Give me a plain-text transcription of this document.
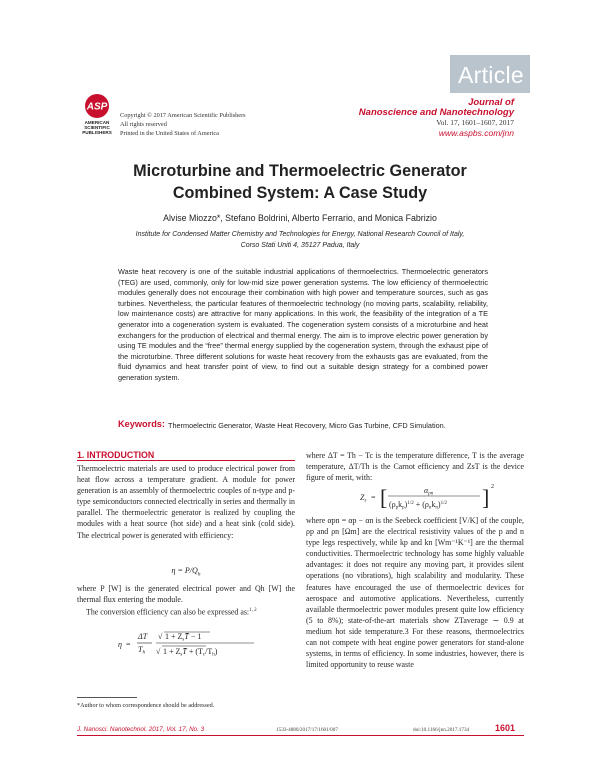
Article
ASP
AMERICAN
SCIENTIFIC
PUBLISHERS
Copyright © 2017 American Scientific Publishers
All rights reserved
Printed in the United States of America
Journal of
Nanoscience and Nanotechnology
Vol. 17, 1601–1607, 2017
www.aspbs.com/jnn
Microturbine and Thermoelectric Generator
Combined System: A Case Study
Alvise Miozzo*, Stefano Boldrini, Alberto Ferrario, and Monica Fabrizio
Institute for Condensed Matter Chemistry and Technologies for Energy, National Research Council of Italy,
Corso Stati Uniti 4, 35127 Padua, Italy
Waste heat recovery is one of the suitable industrial applications of thermoelectrics. Thermoelectric generators (TEG) are used, commonly, only for low-mid size power generation systems. The low efficiency of thermoelectric modules generally does not encourage their combination with high power and temperature sources, such as gas turbines. Nevertheless, the particular features of thermoelectric technology (no moving parts, scalability, reliability, low maintenance costs) are attractive for many applications. In this work, the feasibility of the integration of a TE generator into a cogeneration system is evaluated. The cogeneration system consists of a microturbine and heat exchangers for the production of electrical and thermal energy. The aim is to improve electric power generation by using TE modules and the “free” thermal energy supplied by the cogeneration system, through the exhaust pipe of the microturbine. Three different solutions for waste heat recovery from the exhausts gas are evaluated, from the fluid dynamics and heat transfer point of view, to find out a suitable design strategy for a combined power generation system.
Keywords: Thermoelectric Generator, Waste Heat Recovery, Micro Gas Turbine, CFD Simulation.
1. INTRODUCTION

Thermoelectric materials are used to produce electrical power from heat flow across a temperature gradient. A module for power generation is an assembly of thermoelectric couples of n-type and p-type semiconductors connected electrically in series and thermally in parallel. The thermoelectric generator is realized by coupling the modules with a heat source (hot side) and a heat sink (cold side). The electrical power is generated with efficiency:

$\eta = P/Q_h$

where P [W] is the generated electrical power and Qh [W] the thermal flux entering the module.

The conversion efficiency can also be expressed as:$^{1, 2}$

η =
ΔT
Th
√ 1 + ZsT̄ − 1
√ 1 + ZsT̄ + (Tc/Th)
*Author to whom correspondence should be addressed.

where ΔT = Th − Tc is the temperature difference, T is the average temperature, ΔT/Th is the Carnot efficiency and ZsT is the device figure of merit, with:

Zs = [	αpn
$(\rho pkp)^{1/2} + (\rho nkn)^{1/2}$ ] 2

where αpn = αp − αn is the Seebeck coefficient [V/K] of the couple, ρp and ρn [Ωm] are the electrical resistivity values of the p and n type legs respectively, while kp and kn [Wm⁻¹K⁻¹] are the thermal conductivities. Thermoelectric technology has some highly valuable advantages: it does not require any moving part, it provides silent operations (no vibrations), high scalability and modularity. These features have encouraged the use of thermoelectric devices for aerospace and automotive applications. Nevertheless, currently available thermoelectric power modules present quite low efficiency (5 to 8%); state-of-the-art materials show ZTaverage ∼ 0.9 at medium hot side temperature.3 For these reasons, thermoelectrics can not compete with heat engine power generators for stand-alone systems, in terms of efficiency. In some industries, however, there is limited opportunity to reuse waste

J. Nanosci. Nanotechnol. 2017, Vol. 17, No. 3	1533-4880/2017/17/1601/007	doi:10.1166/jnn.2017.1734	1601
